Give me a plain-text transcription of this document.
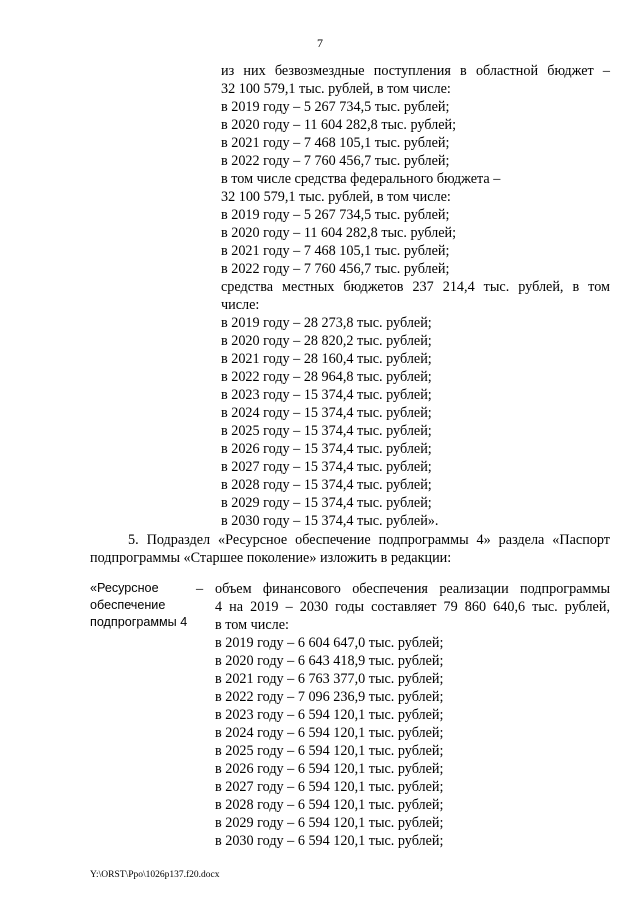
7
из них безвозмездные поступления в областной бюджет –
32 100 579,1 тыс. рублей, в том числе:
в 2019 году – 5 267 734,5 тыс. рублей;
в 2020 году – 11 604 282,8 тыс. рублей;
в 2021 году – 7 468 105,1 тыс. рублей;
в 2022 году – 7 760 456,7 тыс. рублей;
в том числе средства федерального бюджета –
32 100 579,1 тыс. рублей, в том числе:
в 2019 году – 5 267 734,5 тыс. рублей;
в 2020 году – 11 604 282,8 тыс. рублей;
в 2021 году – 7 468 105,1 тыс. рублей;
в 2022 году – 7 760 456,7 тыс. рублей;
средства местных бюджетов 237 214,4 тыс. рублей, в том
числе:
в 2019 году – 28 273,8 тыс. рублей;
в 2020 году – 28 820,2 тыс. рублей;
в 2021 году – 28 160,4 тыс. рублей;
в 2022 году – 28 964,8 тыс. рублей;
в 2023 году – 15 374,4 тыс. рублей;
в 2024 году – 15 374,4 тыс. рублей;
в 2025 году – 15 374,4 тыс. рублей;
в 2026 году – 15 374,4 тыс. рублей;
в 2027 году – 15 374,4 тыс. рублей;
в 2028 году – 15 374,4 тыс. рублей;
в 2029 году – 15 374,4 тыс. рублей;
в 2030 году – 15 374,4 тыс. рублей».
5. Подраздел «Ресурсное обеспечение подпрограммы 4» раздела «Паспорт
подпрограммы «Старшее поколение» изложить в редакции:
«Ресурсное
обеспечение
подпрограммы 4
– объем финансового обеспечения реализации подпрограммы
4 на 2019 – 2030 годы составляет 79 860 640,6 тыс. рублей,
в том числе:
в 2019 году – 6 604 647,0 тыс. рублей;
в 2020 году – 6 643 418,9 тыс. рублей;
в 2021 году – 6 763 377,0 тыс. рублей;
в 2022 году – 7 096 236,9 тыс. рублей;
в 2023 году – 6 594 120,1 тыс. рублей;
в 2024 году – 6 594 120,1 тыс. рублей;
в 2025 году – 6 594 120,1 тыс. рублей;
в 2026 году – 6 594 120,1 тыс. рублей;
в 2027 году – 6 594 120,1 тыс. рублей;
в 2028 году – 6 594 120,1 тыс. рублей;
в 2029 году – 6 594 120,1 тыс. рублей;
в 2030 году – 6 594 120,1 тыс. рублей;
Y:\ORST\Ppo\1026p137.f20.docx
